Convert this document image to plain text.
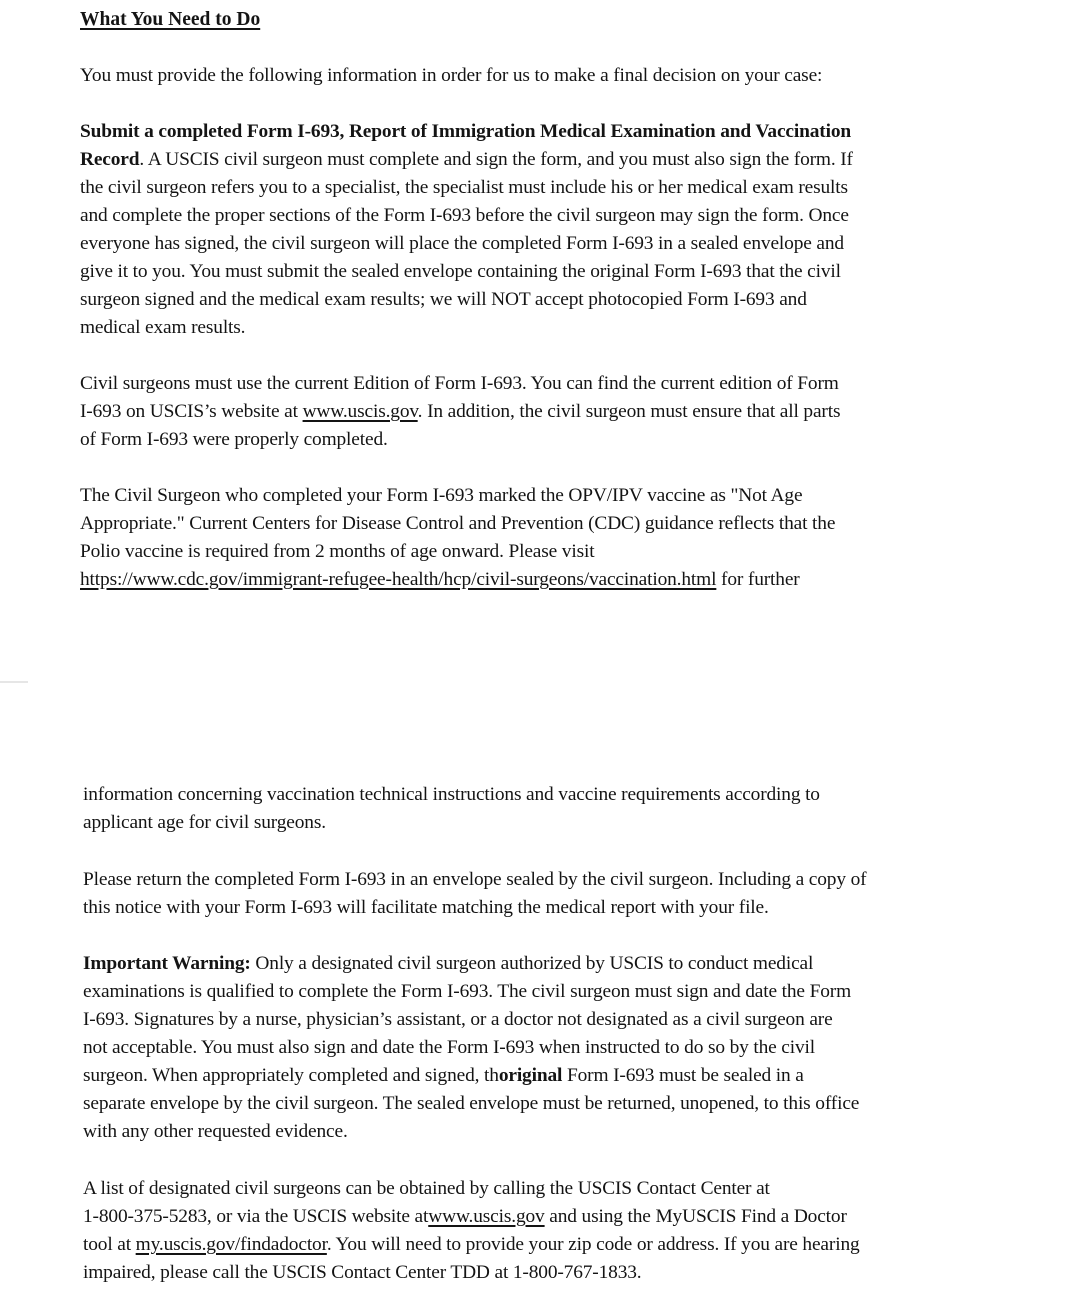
What You Need to Do
You must provide the following information in order for us to make a final decision on your case:
Submit a completed Form I-693, Report of Immigration Medical Examination and Vaccination
Record. A USCIS civil surgeon must complete and sign the form, and you must also sign the form. If
the civil surgeon refers you to a specialist, the specialist must include his or her medical exam results
and complete the proper sections of the Form I-693 before the civil surgeon may sign the form. Once
everyone has signed, the civil surgeon will place the completed Form I-693 in a sealed envelope and
give it to you. You must submit the sealed envelope containing the original Form I-693 that the civil
surgeon signed and the medical exam results; we will NOT accept photocopied Form I-693 and
medical exam results.
Civil surgeons must use the current Edition of Form I-693. You can find the current edition of Form
I-693 on USCIS’s website at www.uscis.gov. In addition, the civil surgeon must ensure that all parts
of Form I-693 were properly completed.
The Civil Surgeon who completed your Form I-693 marked the OPV/IPV vaccine as "Not Age
Appropriate." Current Centers for Disease Control and Prevention (CDC) guidance reflects that the
Polio vaccine is required from 2 months of age onward. Please visit
https://www.cdc.gov/immigrant-refugee-health/hcp/civil-surgeons/vaccination.html for further
information concerning vaccination technical instructions and vaccine requirements according to
applicant age for civil surgeons.
Please return the completed Form I-693 in an envelope sealed by the civil surgeon. Including a copy of
this notice with your Form I-693 will facilitate matching the medical report with your file.
Important Warning: Only a designated civil surgeon authorized by USCIS to conduct medical
examinations is qualified to complete the Form I-693. The civil surgeon must sign and date the Form
I-693. Signatures by a nurse, physician’s assistant, or a doctor not designated as a civil surgeon are
not acceptable. You must also sign and date the Form I-693 when instructed to do so by the civil
surgeon. When appropriately completed and signed, thoriginal Form I-693 must be sealed in a
separate envelope by the civil surgeon. The sealed envelope must be returned, unopened, to this office
with any other requested evidence.
A list of designated civil surgeons can be obtained by calling the USCIS Contact Center at
1-800-375-5283, or via the USCIS website atwww.uscis.gov and using the MyUSCIS Find a Doctor
tool at my.uscis.gov/findadoctor. You will need to provide your zip code or address. If you are hearing
impaired, please call the USCIS Contact Center TDD at 1-800-767-1833.
